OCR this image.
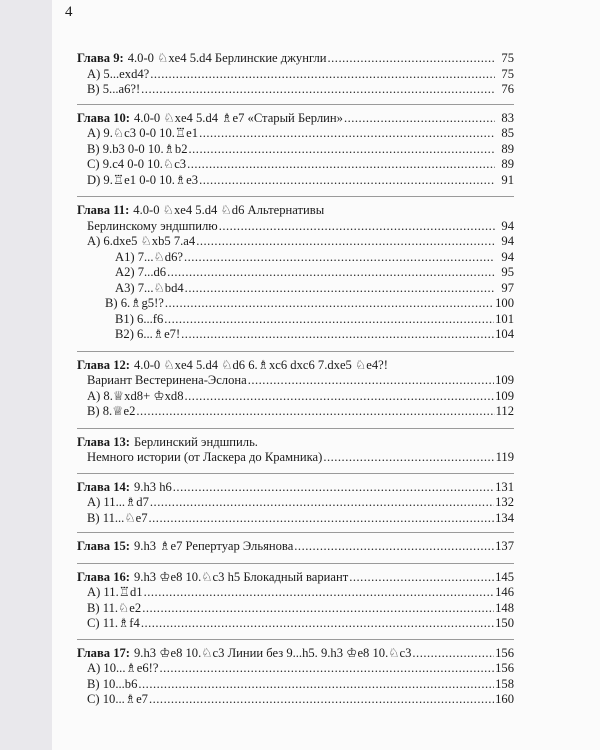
4
Глава 9: 4.0-0 ♘xe4 5.d4 Берлинские джунгли .....	75
A) 5...exd4? .....	75
B) 5...a6?! .....	76
Глава 10: 4.0-0 ♘xe4 5.d4 ♗e7 «Старый Берлин» .....	83
A) 9.♘c3 0-0 10.♖e1 .....	85
B) 9.b3 0-0 10.♗b2 .....	89
C) 9.c4 0-0 10.♘c3 .....	89
D) 9.♖e1 0-0 10.♗e3 .....	91
Глава 11: 4.0-0 ♘xe4 5.d4 ♘d6 Альтернативы
Берлинскому эндшпилю .....	94
A) 6.dxe5 ♘xb5 7.a4 .....	94
A1) 7...♘d6? .....	94
A2) 7...d6 .....	95
A3) 7...♘bd4 .....	97
B) 6.♗g5!? .....	100
B1) 6...f6 .....	101
B2) 6...♗e7! .....	104
Глава 12: 4.0-0 ♘xe4 5.d4 ♘d6 6.♗xc6 dxc6 7.dxe5 ♘e4?!
Вариант Вестеринена-Эслона .....	109
A) 8.♕xd8+ ♔xd8 .....	109
B) 8.♕e2 .....	112
Глава 13: Берлинский эндшпиль.
Немного истории (от Ласкера до Крамника) .....	119
Глава 14: 9.h3 h6 .....	131
A) 11...♗d7 .....	132
B) 11...♘e7 .....	134
Глава 15: 9.h3 ♗e7 Репертуар Эльянова .....	137
Глава 16: 9.h3 ♔e8 10.♘c3 h5 Блокадный вариант .....	145
A) 11.♖d1 .....	146
B) 11.♘e2 .....	148
C) 11.♗f4 .....	150
Глава 17: 9.h3 ♔e8 10.♘c3 Линии без 9...h5. 9.h3 ♔e8 10.♘c3 .....	156
A) 10...♗e6!? .....	156
B) 10...b6 .....	158
C) 10...♗e7 .....	160
